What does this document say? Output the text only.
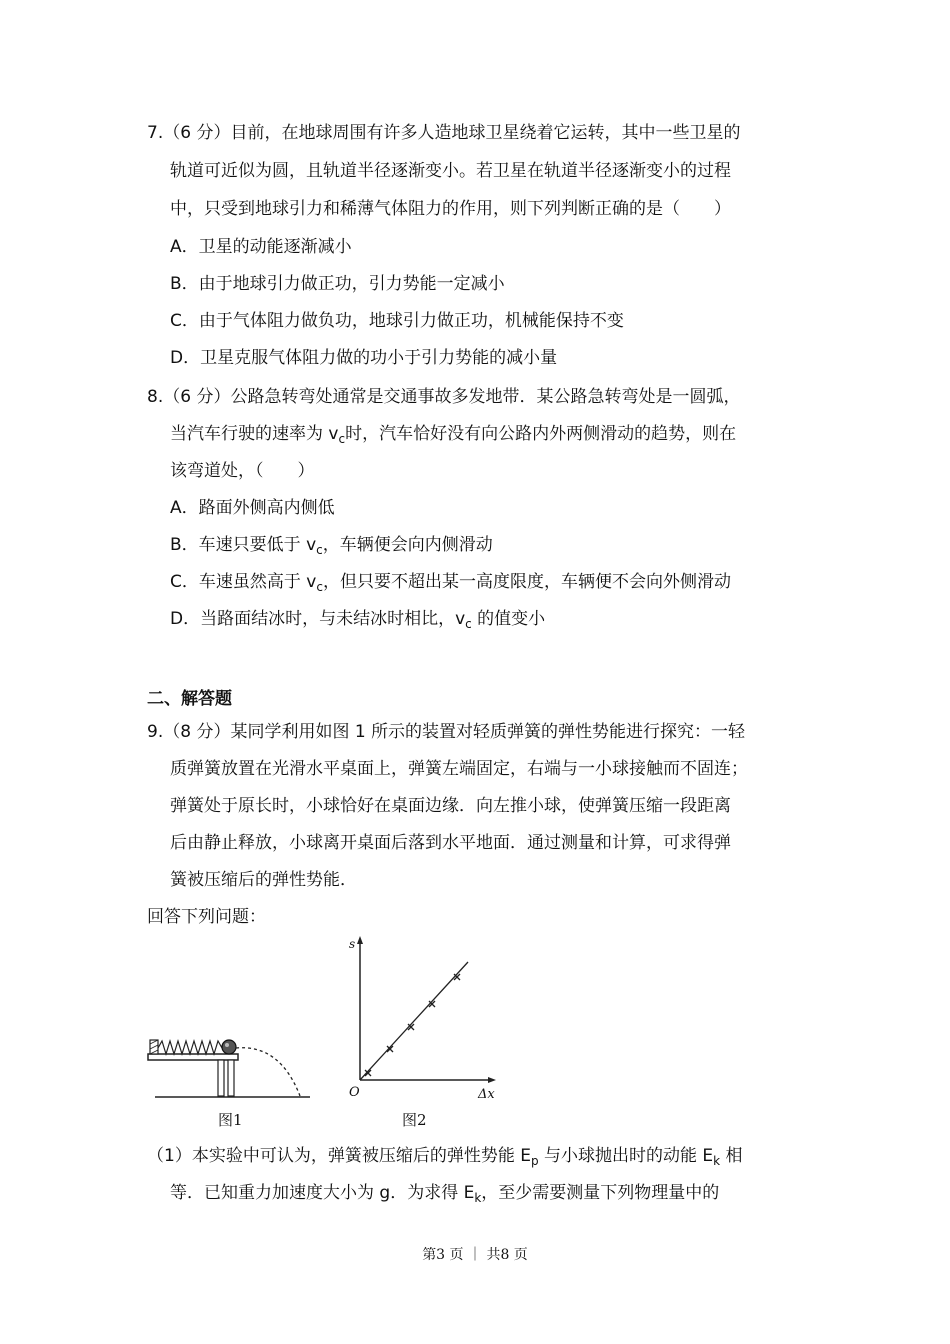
7.（6 分）目前，在地球周围有许多人造地球卫星绕着它运转，其中一些卫星的
轨道可近似为圆，且轨道半径逐渐变小。若卫星在轨道半径逐渐变小的过程
中，只受到地球引力和稀薄气体阻力的作用，则下列判断正确的是（　　）
A．卫星的动能逐渐减小
B．由于地球引力做正功，引力势能一定减小
C．由于气体阻力做负功，地球引力做正功，机械能保持不变
D．卫星克服气体阻力做的功小于引力势能的减小量
8.（6 分）公路急转弯处通常是交通事故多发地带．某公路急转弯处是一圆弧，
当汽车行驶的速率为 $v_c$时，汽车恰好没有向公路内外两侧滑动的趋势，则在
该弯道处，（　　）
A．路面外侧高内侧低
B．车速只要低于 $v_c$，车辆便会向内侧滑动
C．车速虽然高于 $v_c$，但只要不超出某一高度限度，车辆便不会向外侧滑动
D．当路面结冰时，与未结冰时相比，$v_c$ 的值变小
二、解答题
9.（8 分）某同学利用如图 1 所示的装置对轻质弹簧的弹性势能进行探究：一轻
质弹簧放置在光滑水平桌面上，弹簧左端固定，右端与一小球接触而不固连；
弹簧处于原长时，小球恰好在桌面边缘．向左推小球，使弹簧压缩一段距离
后由静止释放，小球离开桌面后落到水平地面．通过测量和计算，可求得弹
簧被压缩后的弹性势能．
回答下列问题：
图1
s
O	Δx
图2
（1）本实验中可认为，弹簧被压缩后的弹性势能 $E_p$ 与小球抛出时的动能 $E_k$ 相
等．已知重力加速度大小为 g．为求得 $E_k$，至少需要测量下列物理量中的
第3 页 ｜ 共8 页
